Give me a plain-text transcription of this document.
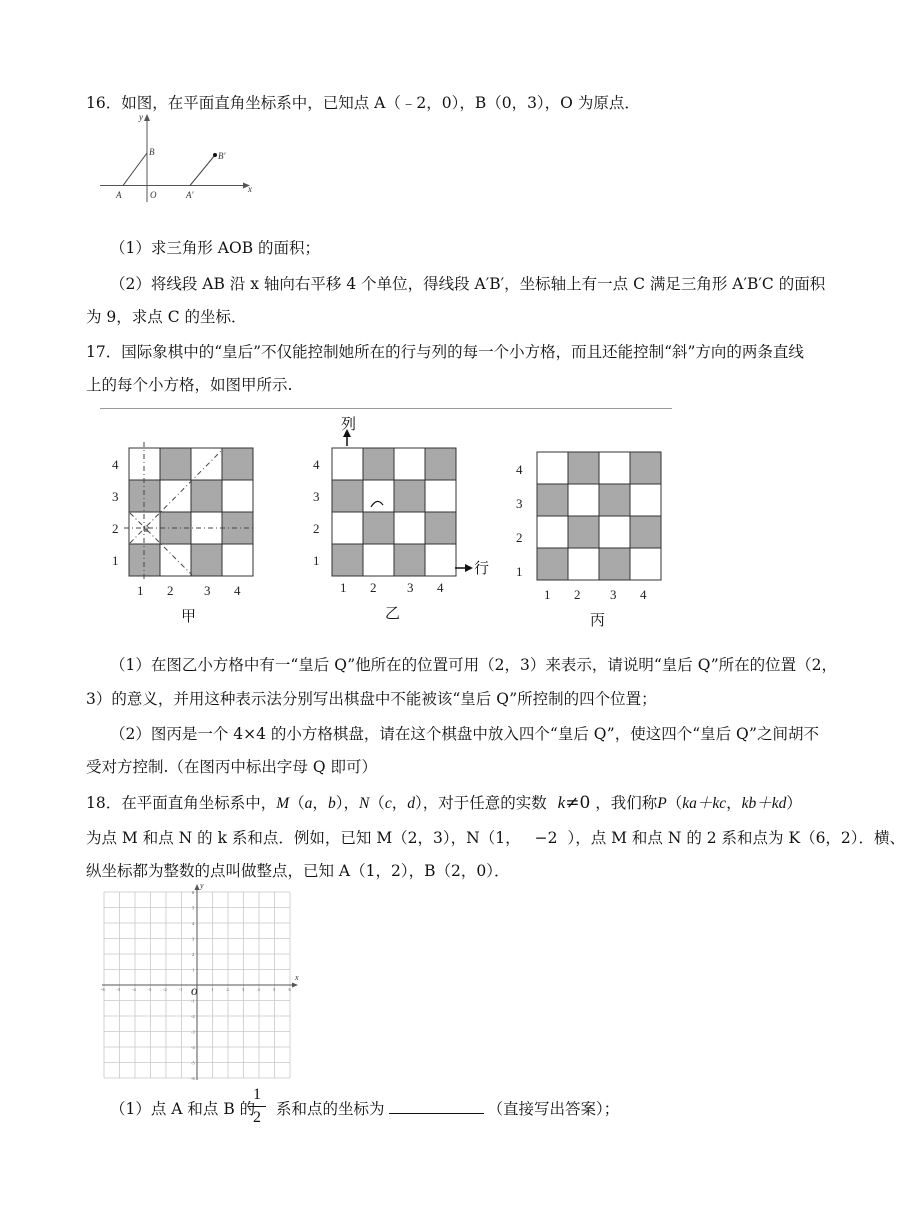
16．如图，在平面直角坐标系中，已知点 A（﹣2，0），B（0，3），O 为原点．
x
y
B
A	O	A′
B′
（1）求三角形 AOB 的面积；
（2）将线段 AB 沿 x 轴向右平移 4 个单位，得线段 A′B′，坐标轴上有一点 C 满足三角形 A′B′C 的面积
为 9，求点 C 的坐标．
17．国际象棋中的“皇后”不仅能控制她所在的行与列的每一个小方格，而且还能控制“斜”方向的两条直线
上的每个小方格，如图甲所示.
♛
4
3
2
1
1 2 3 4
甲
列
行
4
3
2
1
1 2 3 4
乙
4
3
2
1
1 2 3 4
丙
（1）在图乙小方格中有一“皇后 Q”他所在的位置可用（2，3）来表示，请说明“皇后 Q”所在的位置（2，
3）的意义，并用这种表示法分别写出棋盘中不能被该“皇后 Q”所控制的四个位置；
（2）图丙是一个 4×4 的小方格棋盘，请在这个棋盘中放入四个“皇后 Q”，使这四个“皇后 Q”之间胡不
受对方控制.（在图丙中标出字母 Q 即可）
18．在平面直角坐标系中，M（a，b），N（c，d），对于任意的实数 k≠0 ，我们称P（ka＋kc，kb＋kd）
为点 M 和点 N 的 k 系和点．例如，已知 M（2，3），N（1， −2 ），点 M 和点 N 的 2 系和点为 K（6，2）．横、
纵坐标都为整数的点叫做整点，已知 A（1，2），B（2，0）．
x
y
O
-6	-5	-4	-3	-2	-1	1	2	3	4	5	6
6
5
4
3
2
1
-1
-2
-3
-4
-5
-6
（1）点 A 和点 B 的
1
2 系和点的坐标为	（直接写出答案）；
